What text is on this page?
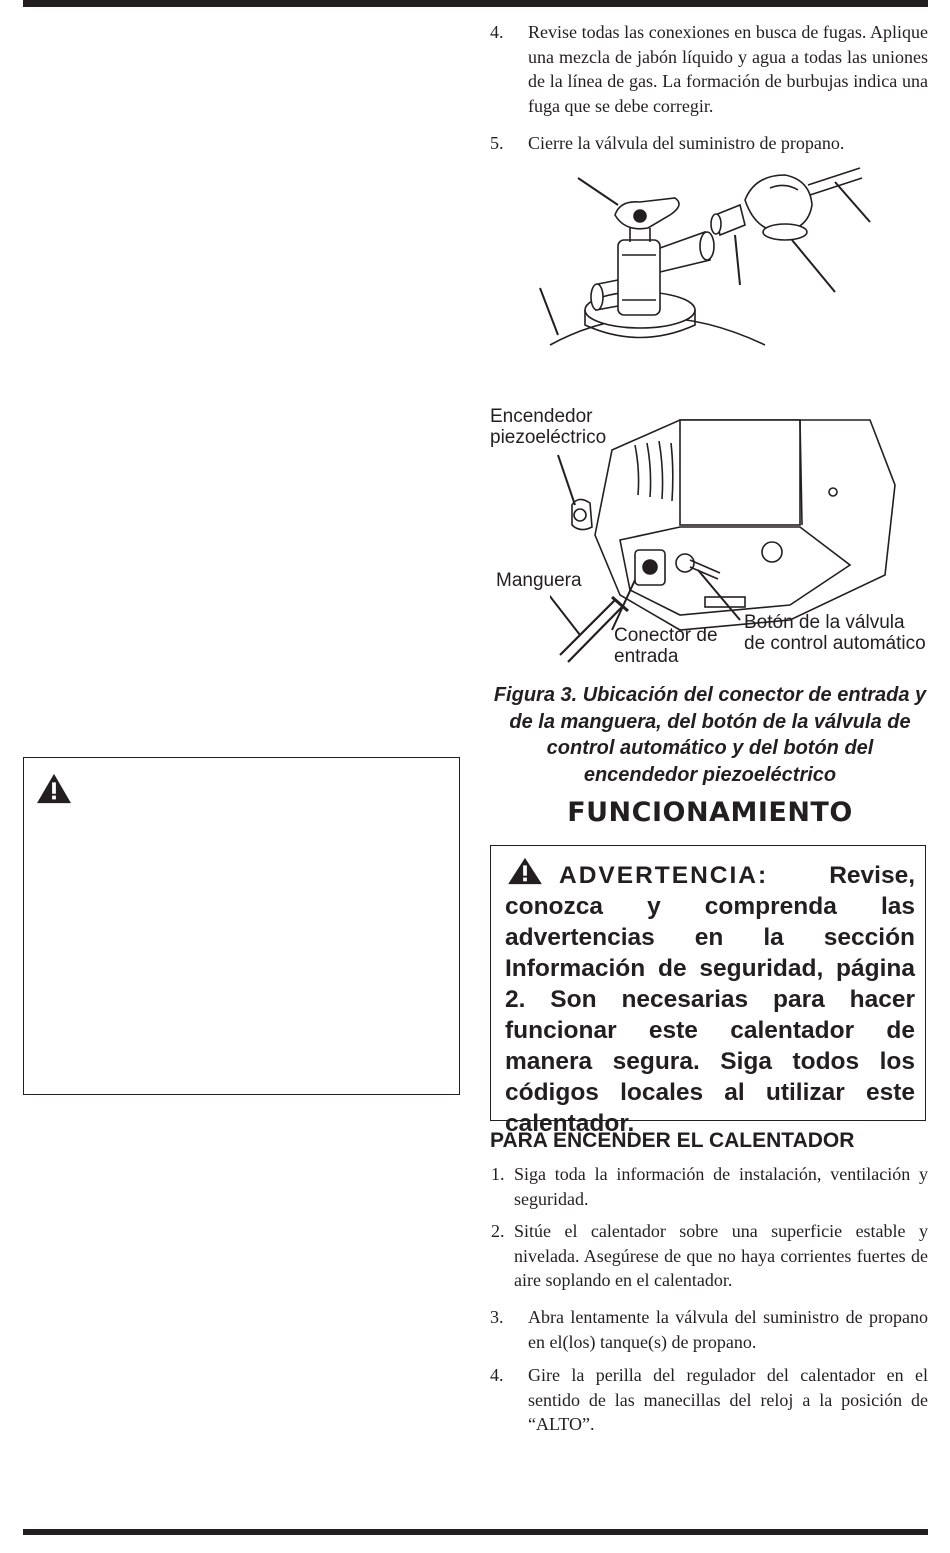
4. Revise todas las conexiones en busca de fugas. Aplique una mezcla de jabón líquido y agua a todas las uniones de la línea de gas. La formación de burbujas indica una fuga que se debe corregir.
5. Cierre la válvula del suministro de propano.
Encendedor piezoeléctrico
Manguera
Conector de entrada
Botón de la válvula de control automático
Figura 3. Ubicación del conector de entrada y de la manguera, del botón de la válvula de control automático y del botón del encendedor piezoeléctrico
FUNCIONAMIENTO
ADVERTENCIA: Revise, conozca y comprenda las advertencias en la sección Información de seguridad, página 2. Son necesarias para hacer funcionar este calentador de manera segura. Siga todos los códigos locales al utilizar este calentador.
PARA ENCENDER EL CALENTADOR
1. Siga toda la información de instalación, ventilación y seguridad.
2. Sitúe el calentador sobre una superficie estable y nivelada. Asegúrese de que no haya corrientes fuertes de aire soplando en el calentador.
3. Abra lentamente la válvula del suministro de propano en el(los) tanque(s) de propano.
4. Gire la perilla del regulador del calentador en el sentido de las manecillas del reloj a la posición de “ALTO”.
